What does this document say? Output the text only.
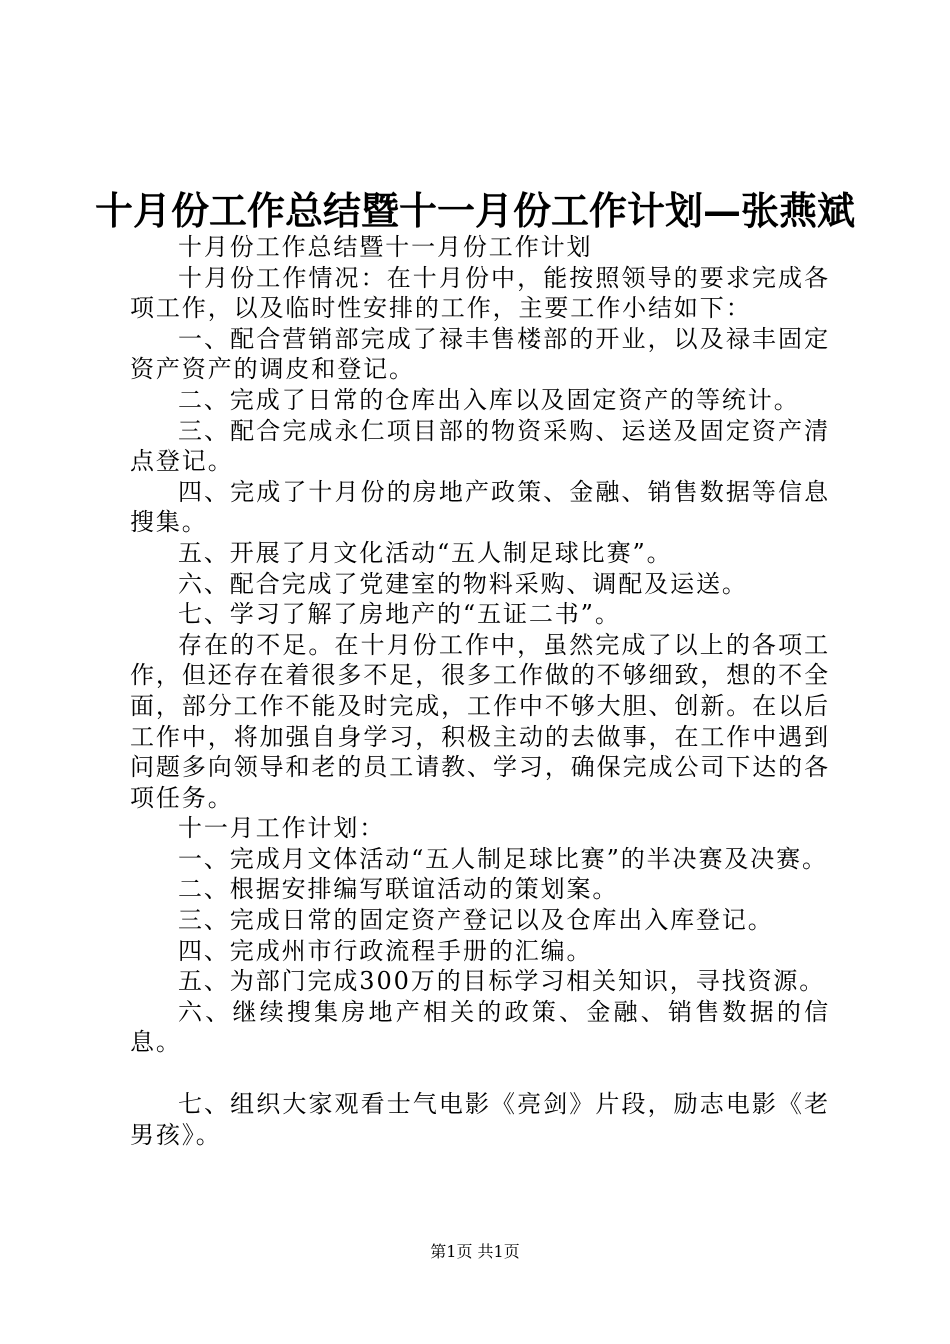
十月份工作总结暨十一月份工作计划—张燕斌

十月份工作总结暨十一月份工作计划

十月份工作情况：在十月份中，能按照领导的要求完成各项工作，以及临时性安排的工作，主要工作小结如下：

一、配合营销部完成了禄丰售楼部的开业，以及禄丰固定资产资产的调皮和登记。

二、完成了日常的仓库出入库以及固定资产的等统计。

三、配合完成永仁项目部的物资采购、运送及固定资产清点登记。

四、完成了十月份的房地产政策、金融、销售数据等信息搜集。

五、开展了月文化活动“五人制足球比赛”。

六、配合完成了党建室的物料采购、调配及运送。

七、学习了解了房地产的“五证二书”。

存在的不足。在十月份工作中，虽然完成了以上的各项工作，但还存在着很多不足，很多工作做的不够细致，想的不全面，部分工作不能及时完成，工作中不够大胆、创新。在以后工作中，将加强自身学习，积极主动的去做事，在工作中遇到问题多向领导和老的员工请教、学习，确保完成公司下达的各项任务。

十一月工作计划：

一、完成月文体活动“五人制足球比赛”的半决赛及决赛。

二、根据安排编写联谊活动的策划案。

三、完成日常的固定资产登记以及仓库出入库登记。

四、完成州市行政流程手册的汇编。

五、为部门完成300万的目标学习相关知识，寻找资源。

六、继续搜集房地产相关的政策、金融、销售数据的信息。

七、组织大家观看士气电影《亮剑》片段，励志电影《老男孩》。

第1页 共1页
